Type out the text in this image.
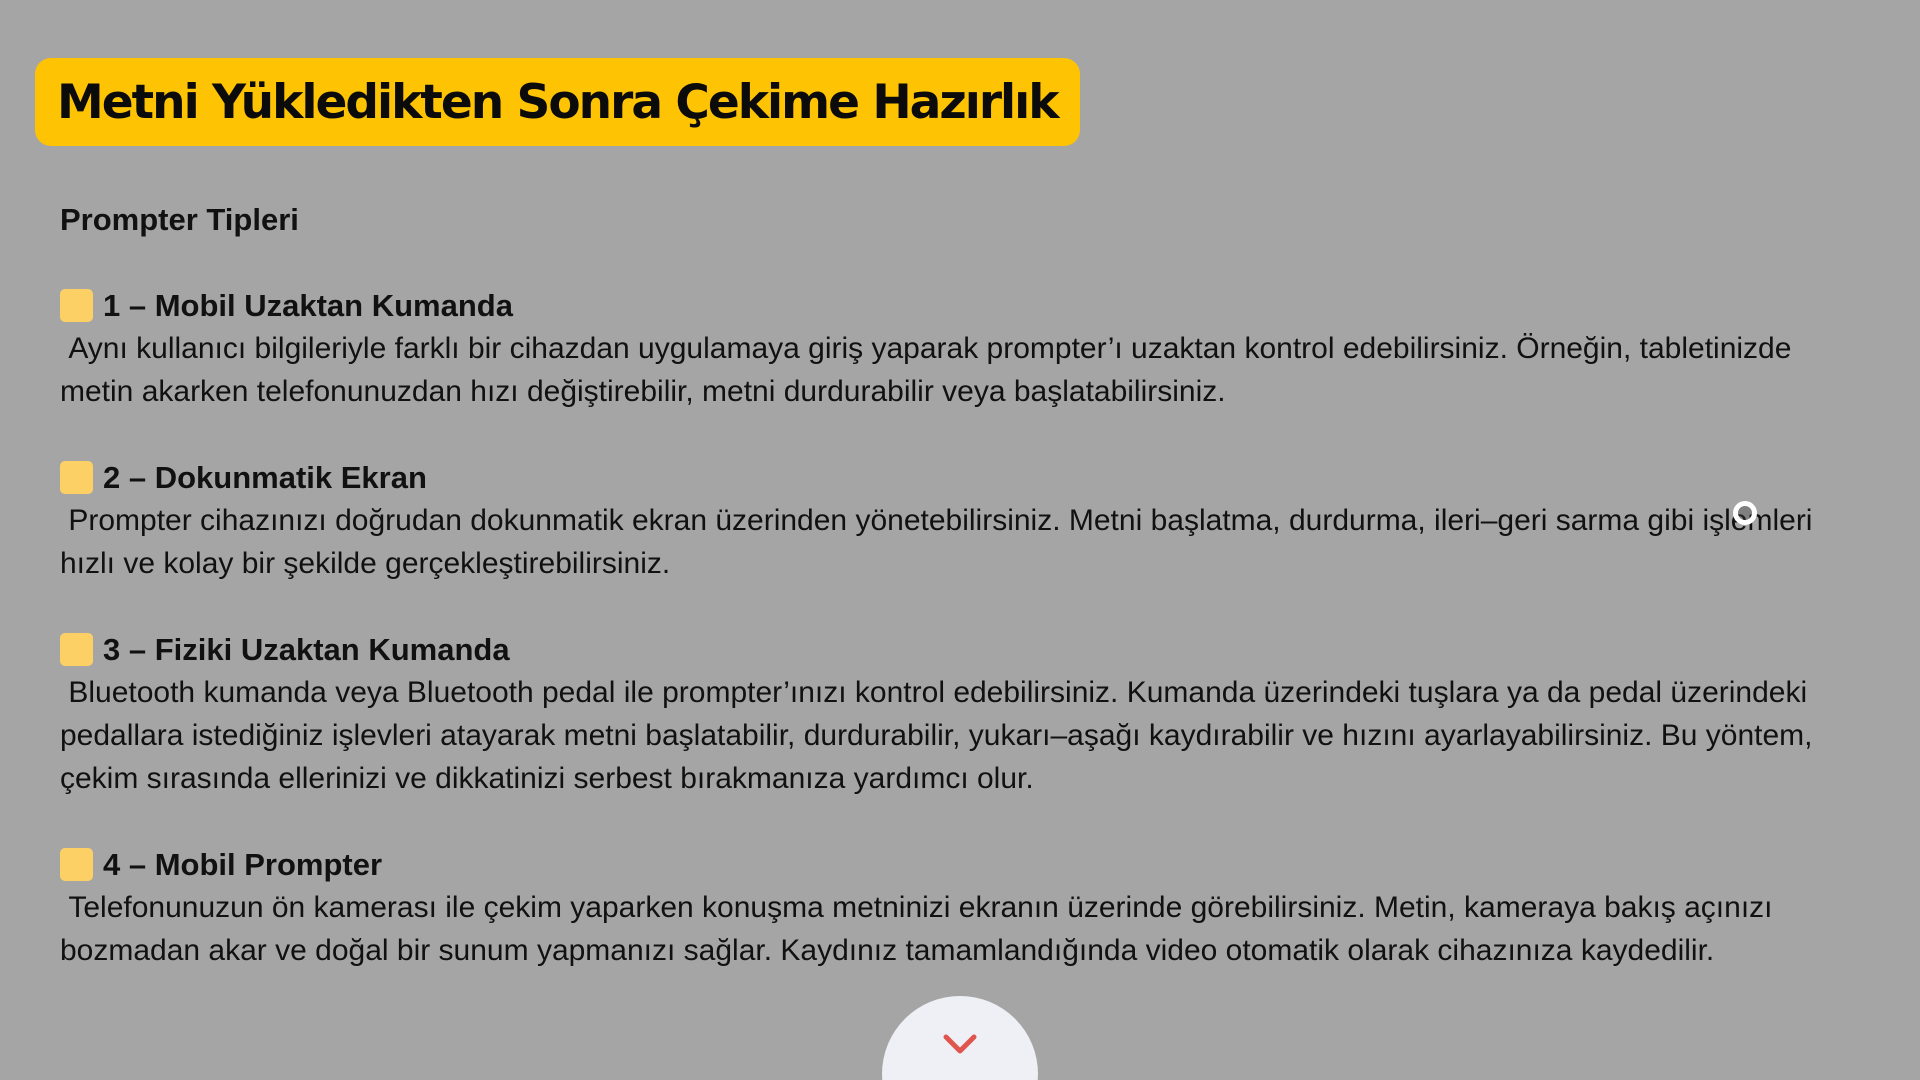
Metni Yükledikten Sonra Çekime Hazırlık
Prompter Tipleri
1 – Mobil Uzaktan Kumanda

Aynı kullanıcı bilgileriyle farklı bir cihazdan uygulamaya giriş yaparak prompter’ı uzaktan kontrol edebilirsiniz. Örneğin, tabletinizde metin akarken telefonunuzdan hızı değiştirebilir, metni durdurabilir veya başlatabilirsiniz.

2 – Dokunmatik Ekran

Prompter cihazınızı doğrudan dokunmatik ekran üzerinden yönetebilirsiniz. Metni başlatma, durdurma, ileri–geri sarma gibi işlemleri hızlı ve kolay bir şekilde gerçekleştirebilirsiniz.

3 – Fiziki Uzaktan Kumanda

Bluetooth kumanda veya Bluetooth pedal ile prompter’ınızı kontrol edebilirsiniz. Kumanda üzerindeki tuşlara ya da pedal üzerindeki pedallara istediğiniz işlevleri atayarak metni başlatabilir, durdurabilir, yukarı–aşağı kaydırabilir ve hızını ayarlayabilirsiniz. Bu yöntem, çekim sırasında ellerinizi ve dikkatinizi serbest bırakmanıza yardımcı olur.

4 – Mobil Prompter

Telefonunuzun ön kamerası ile çekim yaparken konuşma metninizi ekranın üzerinde görebilirsiniz. Metin, kameraya bakış açınızı bozmadan akar ve doğal bir sunum yapmanızı sağlar. Kaydınız tamamlandığında video otomatik olarak cihazınıza kaydedilir.
